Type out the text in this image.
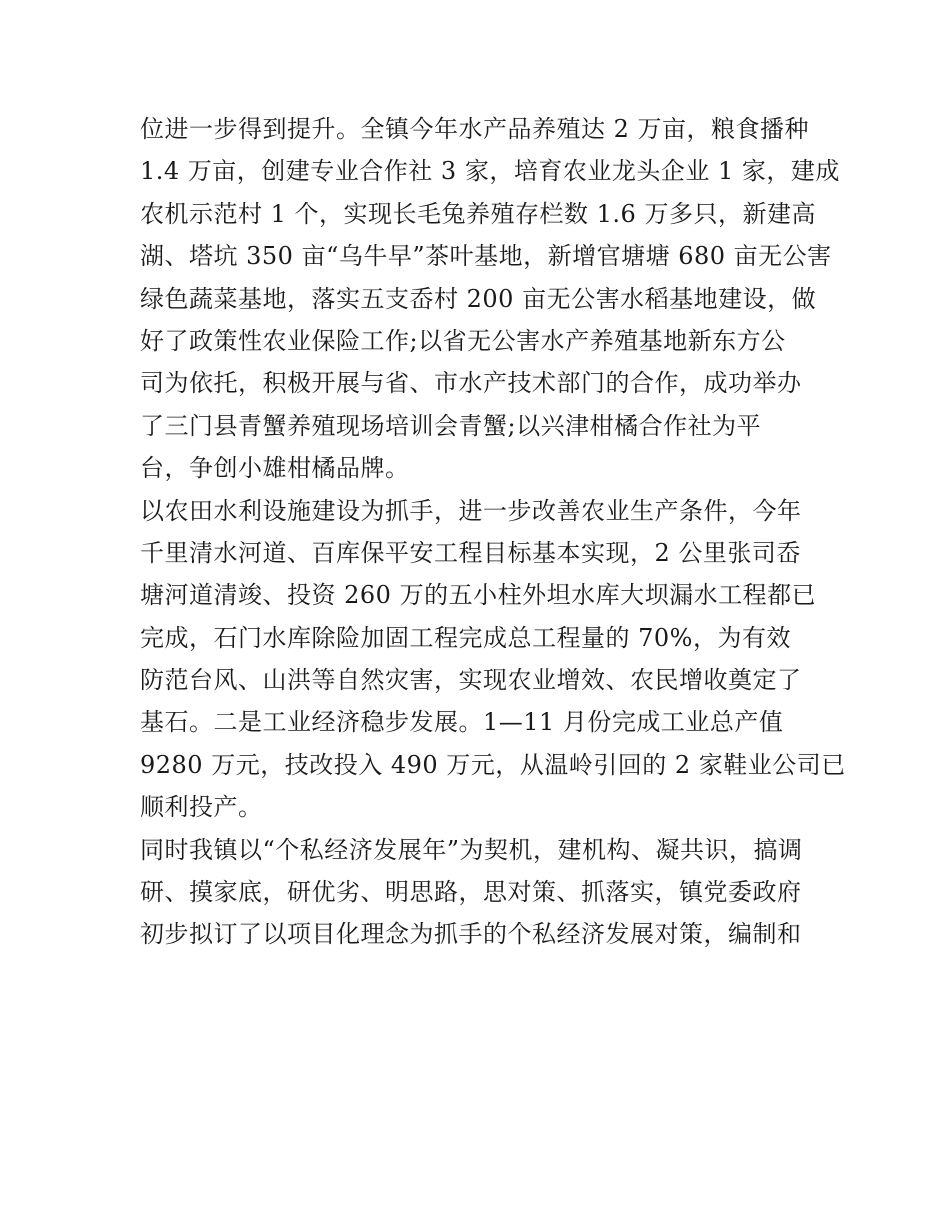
位进一步得到提升。全镇今年水产品养殖达 2 万亩，粮食播种
1.4 万亩，创建专业合作社 3 家，培育农业龙头企业 1 家，建成
农机示范村 1 个，实现长毛兔养殖存栏数 1.6 万多只，新建高
湖、塔坑 350 亩“乌牛早”茶叶基地，新增官塘塘 680 亩无公害
绿色蔬菜基地，落实五支岙村 200 亩无公害水稻基地建设，做
好了政策性农业保险工作;以省无公害水产养殖基地新东方公
司为依托，积极开展与省、市水产技术部门的合作，成功举办
了三门县青蟹养殖现场培训会青蟹;以兴津柑橘合作社为平
台，争创小雄柑橘品牌。
以农田水利设施建设为抓手，进一步改善农业生产条件，今年
千里清水河道、百库保平安工程目标基本实现，2 公里张司岙
塘河道清竣、投资 260 万的五小柱外坦水库大坝漏水工程都已
完成，石门水库除险加固工程完成总工程量的 70%，为有效
防范台风、山洪等自然灾害，实现农业增效、农民增收奠定了
基石。二是工业经济稳步发展。1—11 月份完成工业总产值
9280 万元，技改投入 490 万元，从温岭引回的 2 家鞋业公司已
顺利投产。
同时我镇以“个私经济发展年”为契机，建机构、凝共识，搞调
研、摸家底，研优劣、明思路，思对策、抓落实，镇党委政府
初步拟订了以项目化理念为抓手的个私经济发展对策，编制和
